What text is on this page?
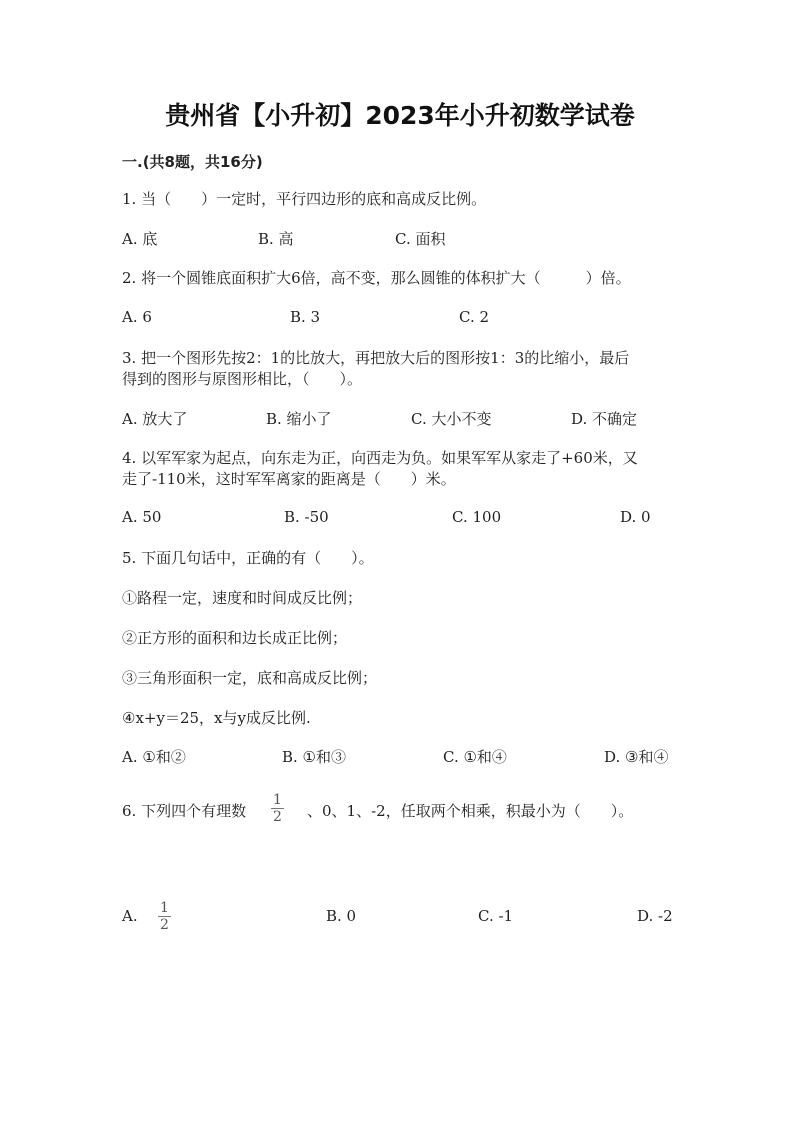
贵州省【小升初】2023年小升初数学试卷
一.(共8题，共16分)
1. 当（　　）一定时，平行四边形的底和高成反比例。
A. 底	B. 高	C. 面积
2. 将一个圆锥底面积扩大6倍，高不变，那么圆锥的体积扩大（　　　）倍。
A. 6	B. 3	C. 2
3. 把一个图形先按2：1的比放大，再把放大后的图形按1：3的比缩小，最后
得到的图形与原图形相比，（　　）。
A. 放大了	B. 缩小了	C. 大小不变	D. 不确定
4. 以军军家为起点，向东走为正，向西走为负。如果军军从家走了+60米，又
走了-110米，这时军军离家的距离是（　　）米。
A. 50	B. -50	C. 100	D. 0
5. 下面几句话中，正确的有（　　）。
①路程一定，速度和时间成反比例；
②正方形的面积和边长成正比例；
③三角形面积一定，底和高成反比例；
④x+y＝25，x与y成反比例.
A. ①和②	B. ①和③	C. ①和④	D. ③和④
6. 下列四个有理数 $\frac{1}{2}$ 、0、1、-2，任取两个相乘，积最小为（　　）。
A. $\frac{1}{2}$	B. 0	C. -1	D. -2
